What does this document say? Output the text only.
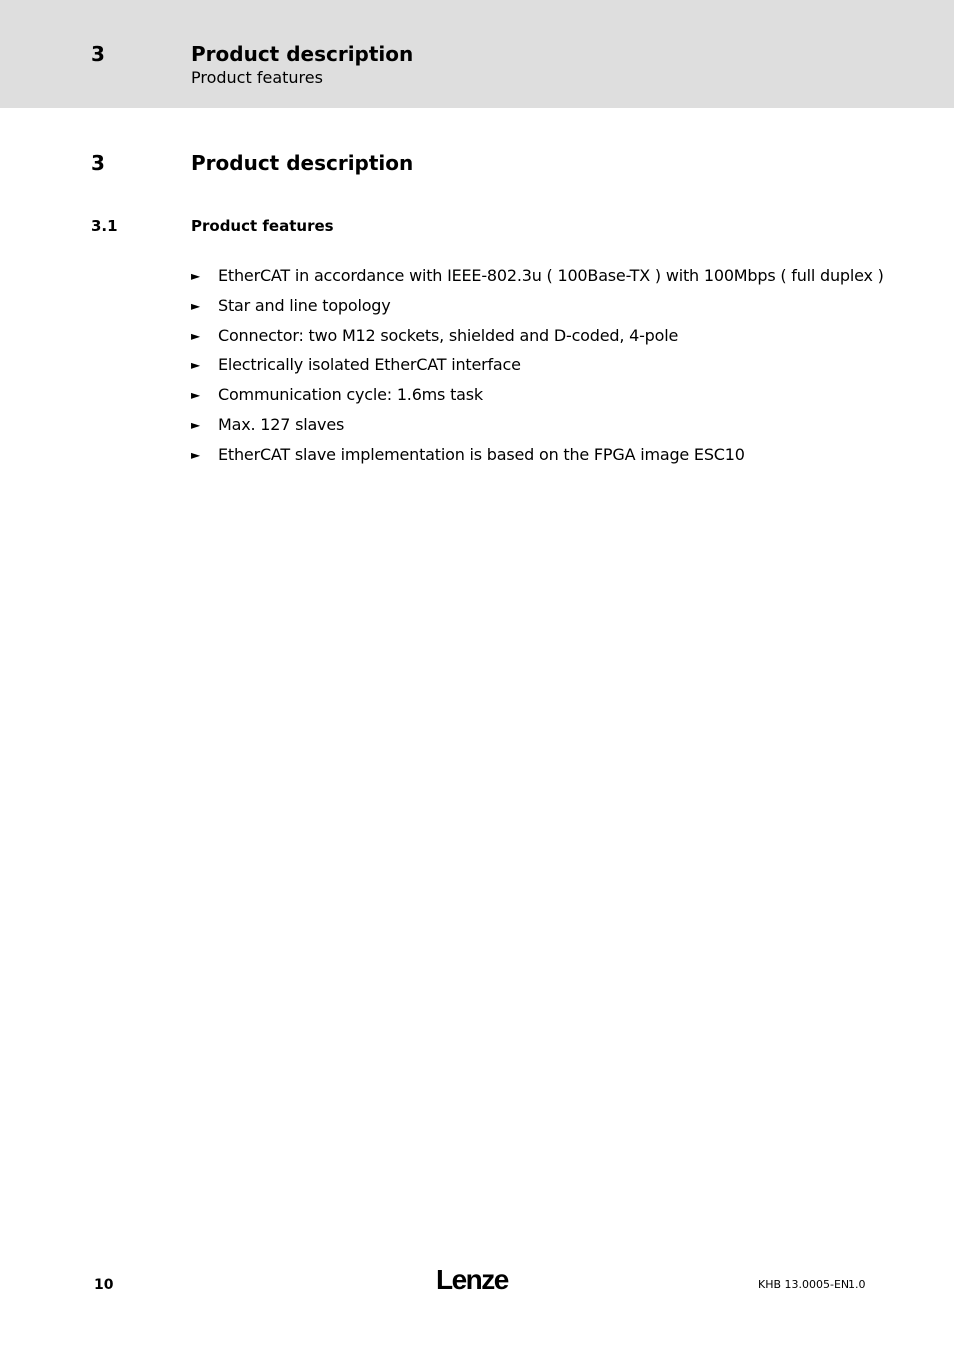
3	Product description
Product features
3	Product description
3.1	Product features
► EtherCAT in accordance with IEEE-802.3u ( 100Base-TX ) with 100Mbps ( full duplex )
► Star and line topology
► Connector: two M12 sockets, shielded and D-coded, 4-pole
► Electrically isolated EtherCAT interface
► Communication cycle: 1.6ms task
► Max. 127 slaves
► EtherCAT slave implementation is based on the FPGA image ESC10
10	Lenze	KHB 13.0005-EN
1.0
